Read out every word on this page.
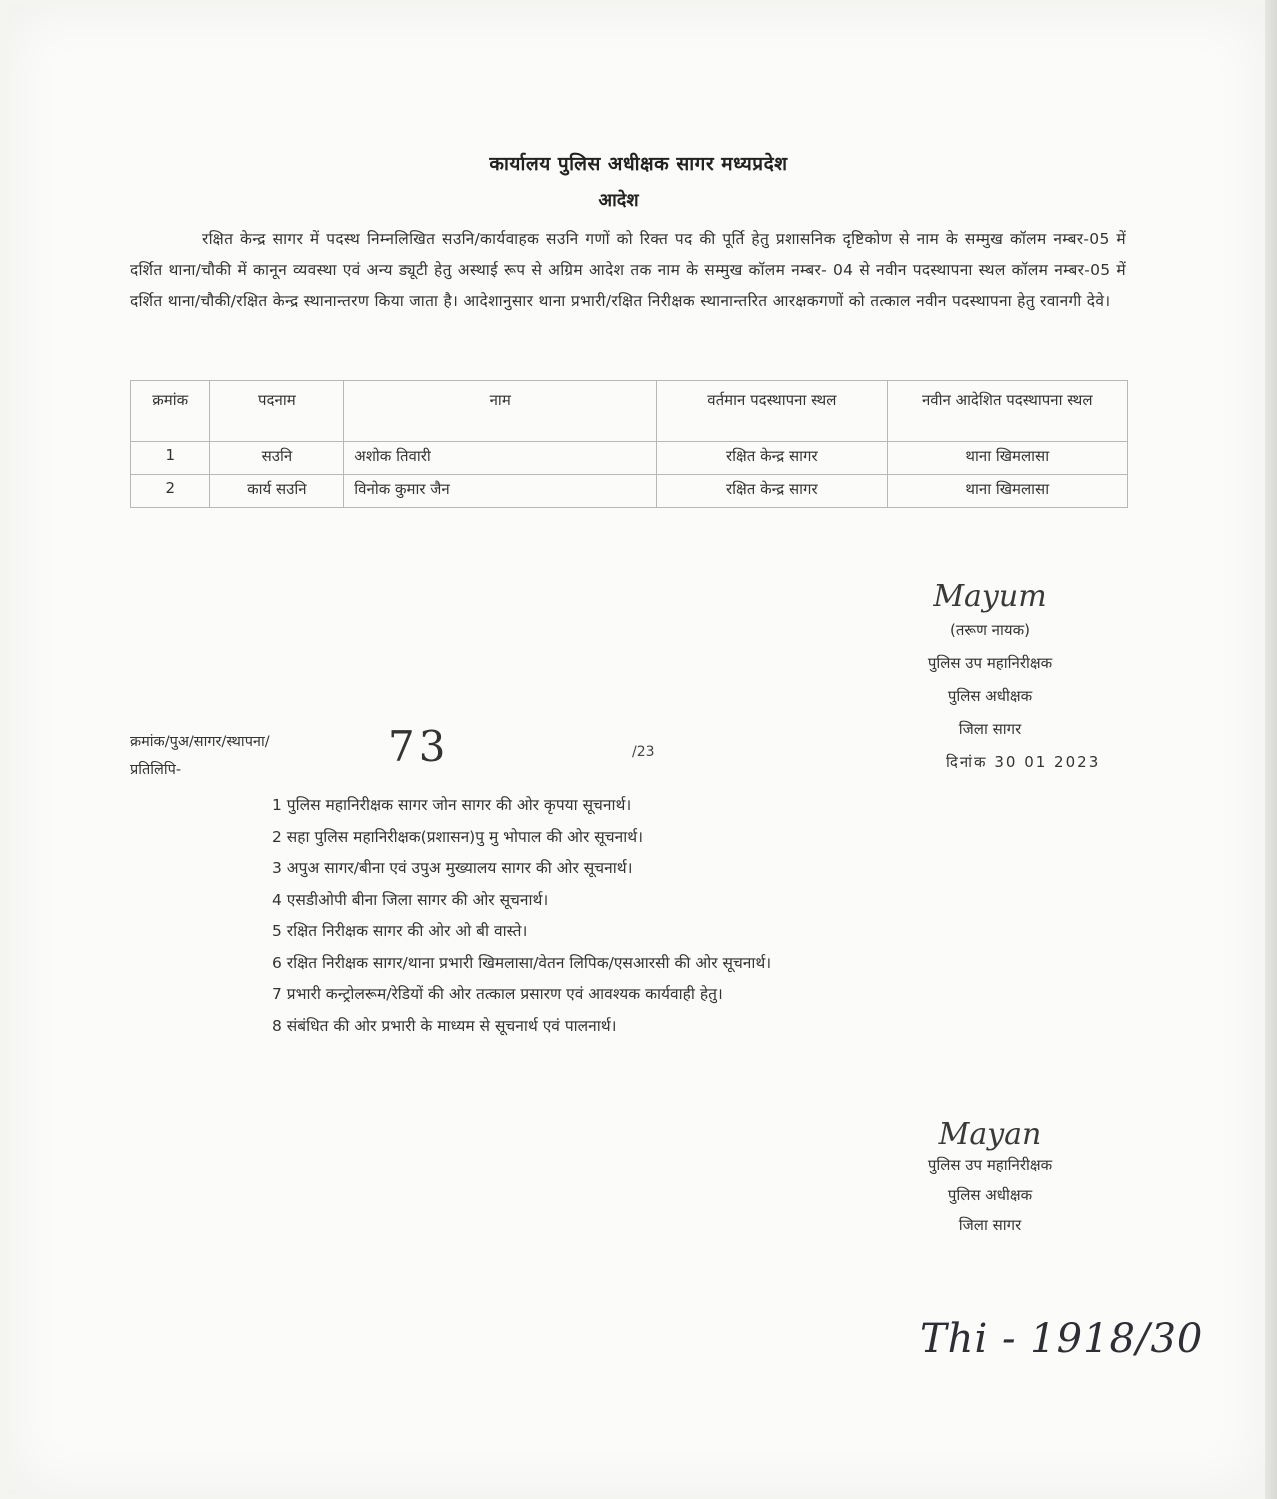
कार्यालय पुलिस अधीक्षक सागर मध्यप्रदेश
आदेश
रक्षित केन्द्र सागर में पदस्थ निम्नलिखित सउनि/कार्यवाहक सउनि गणों को रिक्त पद की पूर्ति हेतु प्रशासनिक दृष्टिकोण से नाम के सम्मुख कॉलम नम्बर-05 में दर्शित थाना/चौकी में कानून व्यवस्था एवं अन्य ड्यूटी हेतु अस्थाई रूप से अग्रिम आदेश तक नाम के सम्मुख कॉलम नम्बर- 04 से नवीन पदस्थापना स्थल कॉलम नम्बर-05 में दर्शित थाना/चौकी/रक्षित केन्द्र स्थानान्तरण किया जाता है। आदेशानुसार थाना प्रभारी/रक्षित निरीक्षक स्थानान्तरित आरक्षकगणों को तत्काल नवीन पदस्थापना हेतु रवानगी देवे।
क्रमांक	पदनाम	नाम	वर्तमान पदस्थापना स्थल	नवीन आदेशित पदस्थापना स्थल
1	सउनि	अशोक तिवारी	रक्षित केन्द्र सागर	थाना खिमलासा
2	कार्य सउनि	विनोक कुमार जैन	रक्षित केन्द्र सागर	थाना खिमलासा
Mayum
(तरूण नायक)
पुलिस उप महानिरीक्षक
पुलिस अधीक्षक
जिला सागर
क्रमांक/पुअ/सागर/स्थापना/
प्रतिलिपि-	73	/23
दिनांक 30 01 2023
1 पुलिस महानिरीक्षक सागर जोन सागर की ओर कृपया सूचनार्थ।
2 सहा पुलिस महानिरीक्षक(प्रशासन)पु मु भोपाल की ओर सूचनार्थ।
3 अपुअ सागर/बीना एवं उपुअ मुख्यालय सागर की ओर सूचनार्थ।
4 एसडीओपी बीना जिला सागर की ओर सूचनार्थ।
5 रक्षित निरीक्षक सागर की ओर ओ बी वास्ते।
6 रक्षित निरीक्षक सागर/थाना प्रभारी खिमलासा/वेतन लिपिक/एसआरसी की ओर सूचनार्थ।
7 प्रभारी कन्ट्रोलरूम/रेडियों की ओर तत्काल प्रसारण एवं आवश्यक कार्यवाही हेतु।
8 संबंधित की ओर प्रभारी के माध्यम से सूचनार्थ एवं पालनार्थ।
Mayan
पुलिस उप महानिरीक्षक
पुलिस अधीक्षक
जिला सागर
Thi - 1918/30
